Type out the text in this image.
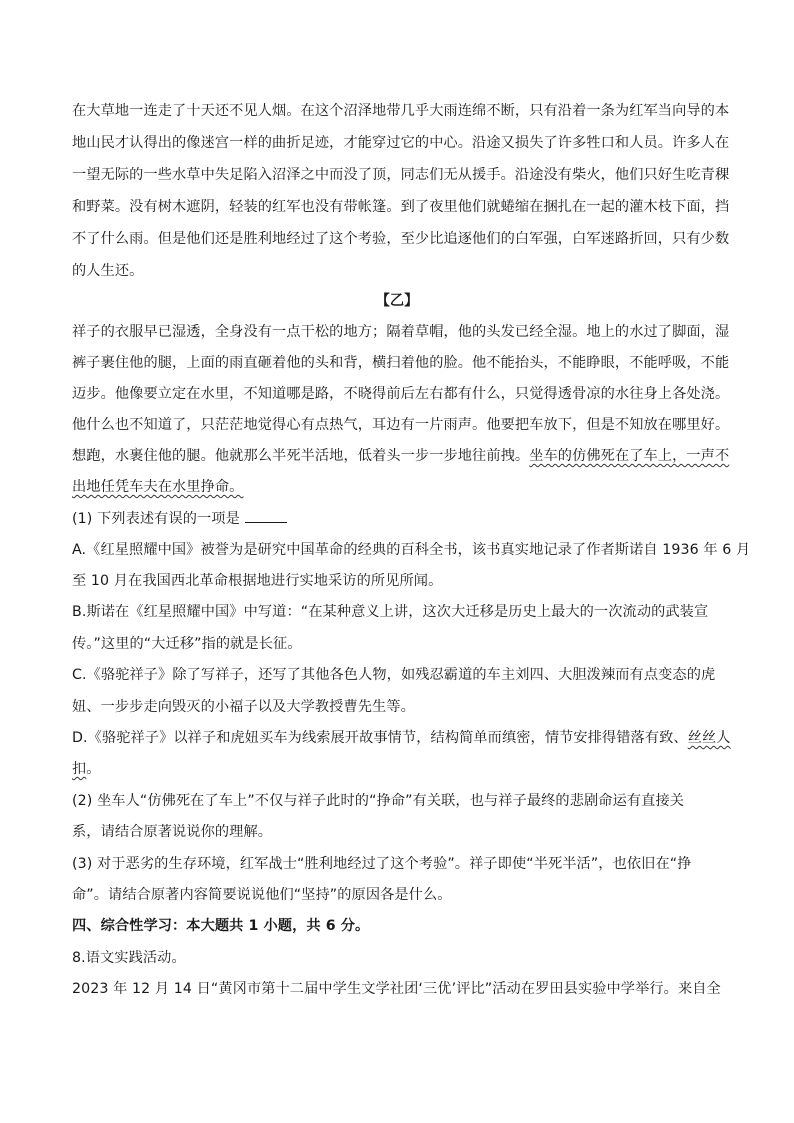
在大草地一连走了十天还不见人烟。在这个沼泽地带几乎大雨连绵不断，只有沿着一条为红军当向导的本
地山民才认得出的像迷宫一样的曲折足迹，才能穿过它的中心。沿途又损失了许多牲口和人员。许多人在
一望无际的一些水草中失足陷入沼泽之中而没了顶，同志们无从援手。沿途没有柴火，他们只好生吃青稞
和野菜。没有树木遮阴，轻装的红军也没有带帐篷。到了夜里他们就蜷缩在捆扎在一起的灌木枝下面，挡
不了什么雨。但是他们还是胜利地经过了这个考验，至少比追逐他们的白军强，白军迷路折回，只有少数
的人生还。
【乙】
祥子的衣服早已湿透，全身没有一点干松的地方；隔着草帽，他的头发已经全湿。地上的水过了脚面，湿
裤子裹住他的腿，上面的雨直砸着他的头和背，横扫着他的脸。他不能抬头，不能睁眼，不能呼吸，不能
迈步。他像要立定在水里，不知道哪是路，不晓得前后左右都有什么，只觉得透骨凉的水往身上各处浇。
他什么也不知道了，只茫茫地觉得心有点热气，耳边有一片雨声。他要把车放下，但是不知放在哪里好。
想跑，水裹住他的腿。他就那么半死半活地，低着头一步一步地往前拽。坐车的仿佛死在了车上，一声不
出地任凭车夫在水里挣命。
(1) 下列表述有误的一项是
A.《红星照耀中国》被誉为是研究中国革命的经典的百科全书，该书真实地记录了作者斯诺自 1936 年 6 月
至 10 月在我国西北革命根据地进行实地采访的所见所闻。
B.斯诺在《红星照耀中国》中写道：“在某种意义上讲，这次大迁移是历史上最大的一次流动的武装宣
传。”这里的“大迁移”指的就是长征。
C.《骆驼祥子》除了写祥子，还写了其他各色人物，如残忍霸道的车主刘四、大胆泼辣而有点变态的虎
妞、一步步走向毁灭的小福子以及大学教授曹先生等。
D.《骆驼祥子》以祥子和虎妞买车为线索展开故事情节，结构简单而缜密，情节安排得错落有致、丝丝人
扣。
(2) 坐车人“仿佛死在了车上”不仅与祥子此时的“挣命”有关联，也与祥子最终的悲剧命运有直接关
系，请结合原著说说你的理解。
(3) 对于恶劣的生存环境，红军战士“胜利地经过了这个考验”。祥子即使“半死半活”，也依旧在“挣
命”。请结合原著内容简要说说他们“坚持”的原因各是什么。
四、综合性学习：本大题共 1 小题，共 6 分。
8.语文实践活动。
2023 年 12 月 14 日“黄冈市第十二届中学生文学社团‘三优’评比”活动在罗田县实验中学举行。来自全
